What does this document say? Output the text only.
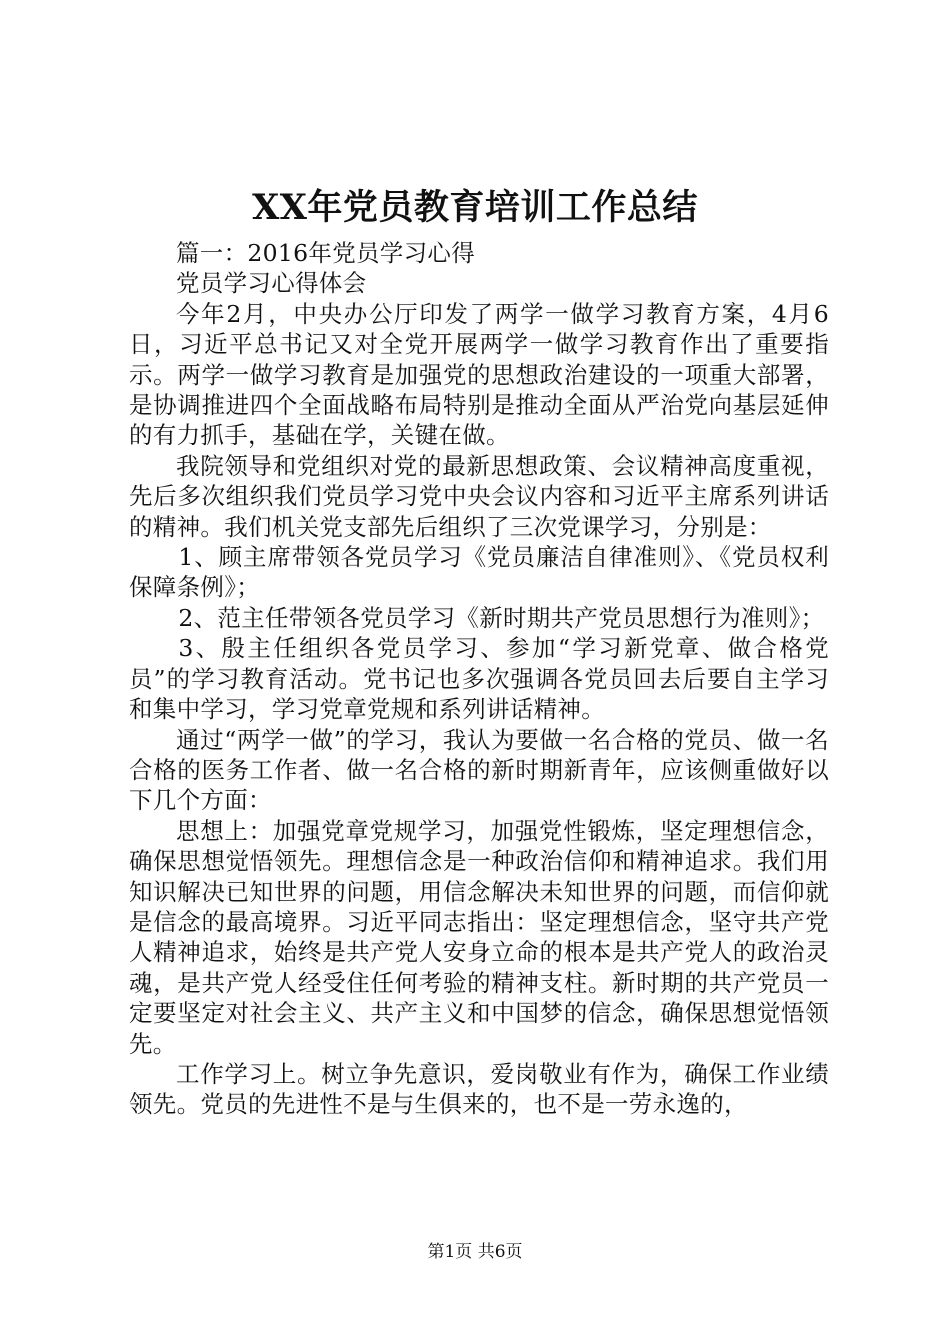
XX年党员教育培训工作总结

篇一：2016年党员学习心得

党员学习心得体会

今年2月，中央办公厅印发了两学一做学习教育方案，4月6日，习近平总书记又对全党开展两学一做学习教育作出了重要指示。两学一做学习教育是加强党的思想政治建设的一项重大部署，是协调推进四个全面战略布局特别是推动全面从严治党向基层延伸的有力抓手，基础在学，关键在做。

我院领导和党组织对党的最新思想政策、会议精神高度重视，先后多次组织我们党员学习党中央会议内容和习近平主席系列讲话的精神。我们机关党支部先后组织了三次党课学习，分别是：

1、顾主席带领各党员学习《党员廉洁自律准则》、《党员权利保障条例》；

2、范主任带领各党员学习《新时期共产党员思想行为准则》；

3、殷主任组织各党员学习、参加“学习新党章、做合格党员”的学习教育活动。党书记也多次强调各党员回去后要自主学习和集中学习，学习党章党规和系列讲话精神。

通过“两学一做”的学习，我认为要做一名合格的党员、做一名合格的医务工作者、做一名合格的新时期新青年，应该侧重做好以下几个方面：

思想上：加强党章党规学习，加强党性锻炼，坚定理想信念，确保思想觉悟领先。理想信念是一种政治信仰和精神追求。我们用知识解决已知世界的问题，用信念解决未知世界的问题，而信仰就是信念的最高境界。习近平同志指出：坚定理想信念，坚守共产党人精神追求，始终是共产党人安身立命的根本是共产党人的政治灵魂，是共产党人经受住任何考验的精神支柱。新时期的共产党员一定要坚定对社会主义、共产主义和中国梦的信念，确保思想觉悟领先。

工作学习上。树立争先意识，爱岗敬业有作为，确保工作业绩领先。党员的先进性不是与生俱来的，也不是一劳永逸的，

第1页 共6页
